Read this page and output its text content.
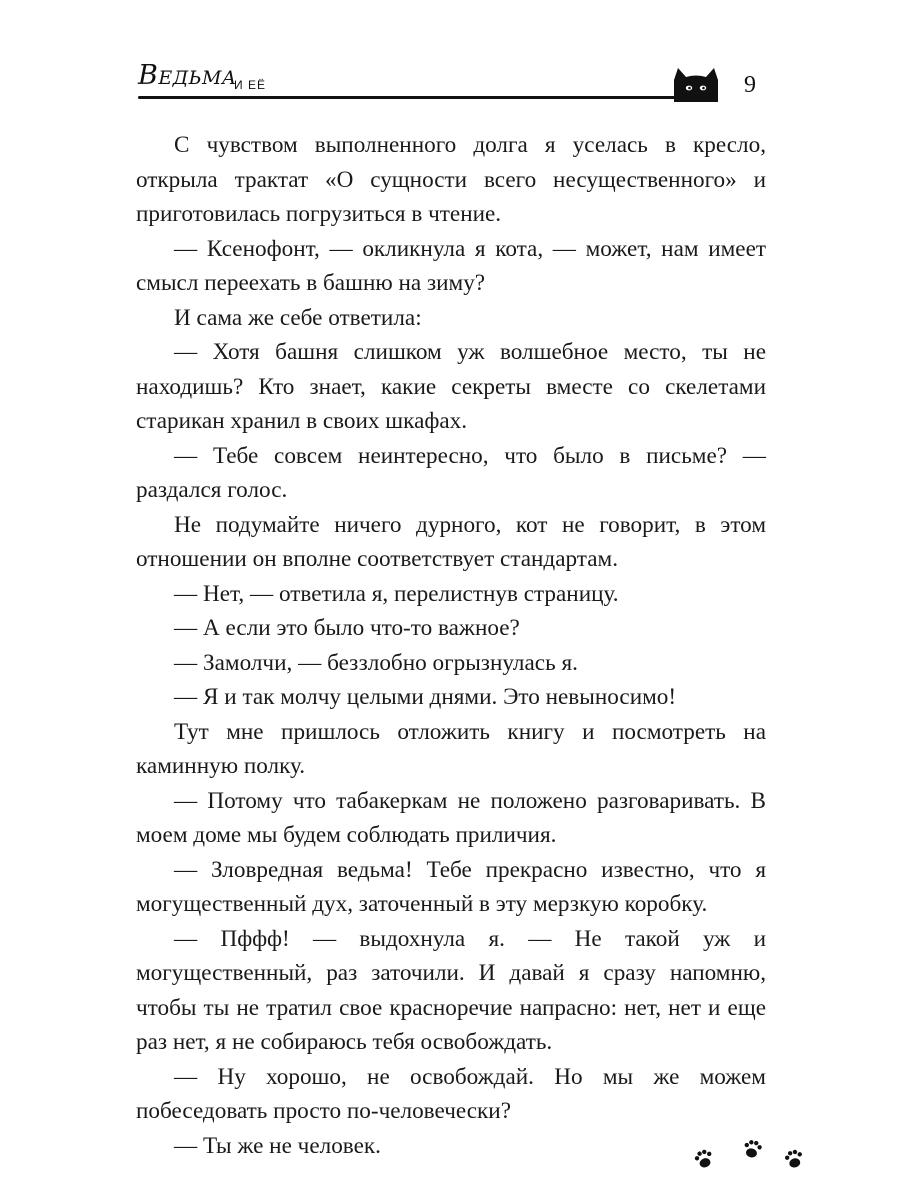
Ведьма
И ЕЁ	9

С чувством выполненного долга я уселась в кресло, открыла трактат «О сущности всего несущественного» и приготовилась погрузиться в чтение.

— Ксенофонт, — окликнула я кота, — может, нам имеет смысл переехать в башню на зиму?

И сама же себе ответила:

— Хотя башня слишком уж волшебное место, ты не находишь? Кто знает, какие секреты вместе со скелетами старикан хранил в своих шкафах.

— Тебе совсем неинтересно, что было в письме? — раздался голос.

Не подумайте ничего дурного, кот не говорит, в этом отношении он вполне соответствует стандартам.

— Нет, — ответила я, перелистнув страницу.

— А если это было что-то важное?

— Замолчи, — беззлобно огрызнулась я.

— Я и так молчу целыми днями. Это невыносимо!

Тут мне пришлось отложить книгу и посмотреть на каминную полку.

— Потому что табакеркам не положено разговаривать. В моем доме мы будем соблюдать приличия.

— Зловредная ведьма! Тебе прекрасно известно, что я могущественный дух, заточенный в эту мерзкую коробку.

— Пффф! — выдохнула я. — Не такой уж и могущественный, раз заточили. И давай я сразу напомню, чтобы ты не тратил свое красноречие напрасно: нет, нет и еще раз нет, я не собираюсь тебя освобождать.

— Ну хорошо, не освобождай. Но мы же можем побеседовать просто по-человечески?

— Ты же не человек.
